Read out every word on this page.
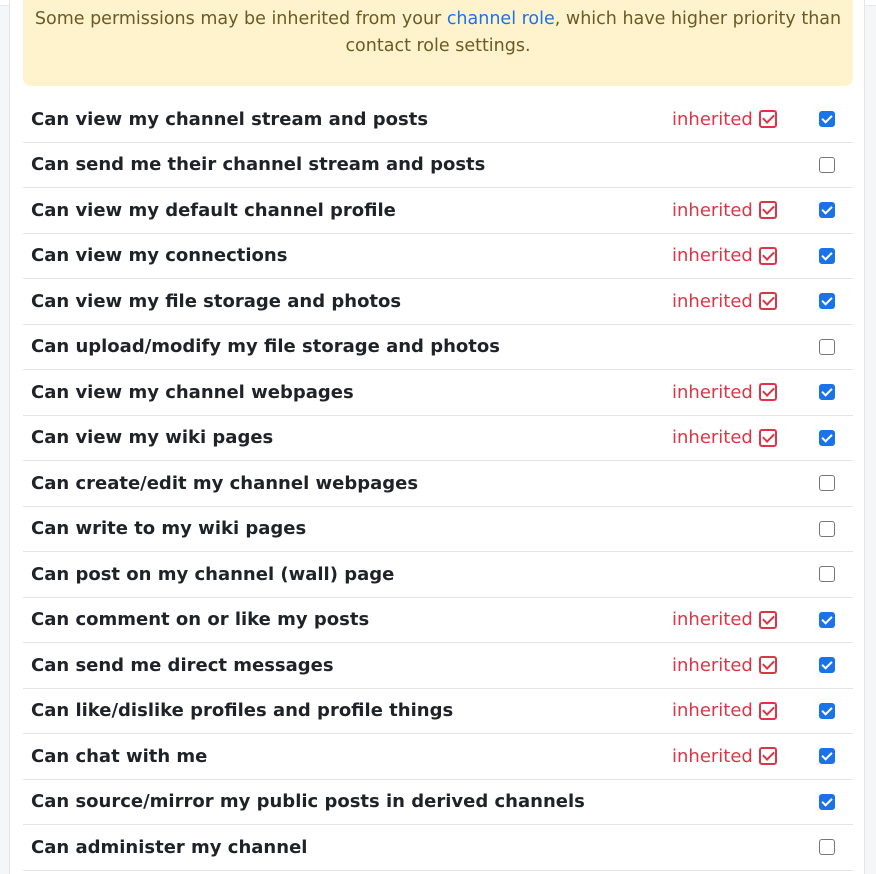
Some permissions may be inherited from your channel role, which have higher priority than contact role settings.
Can view my channel stream and posts	inherited
Can send me their channel stream and posts
Can view my default channel profile	inherited
Can view my connections	inherited
Can view my file storage and photos	inherited
Can upload/modify my file storage and photos
Can view my channel webpages	inherited
Can view my wiki pages	inherited
Can create/edit my channel webpages
Can write to my wiki pages
Can post on my channel (wall) page
Can comment on or like my posts	inherited
Can send me direct messages	inherited
Can like/dislike profiles and profile things	inherited
Can chat with me	inherited
Can source/mirror my public posts in derived channels
Can administer my channel
